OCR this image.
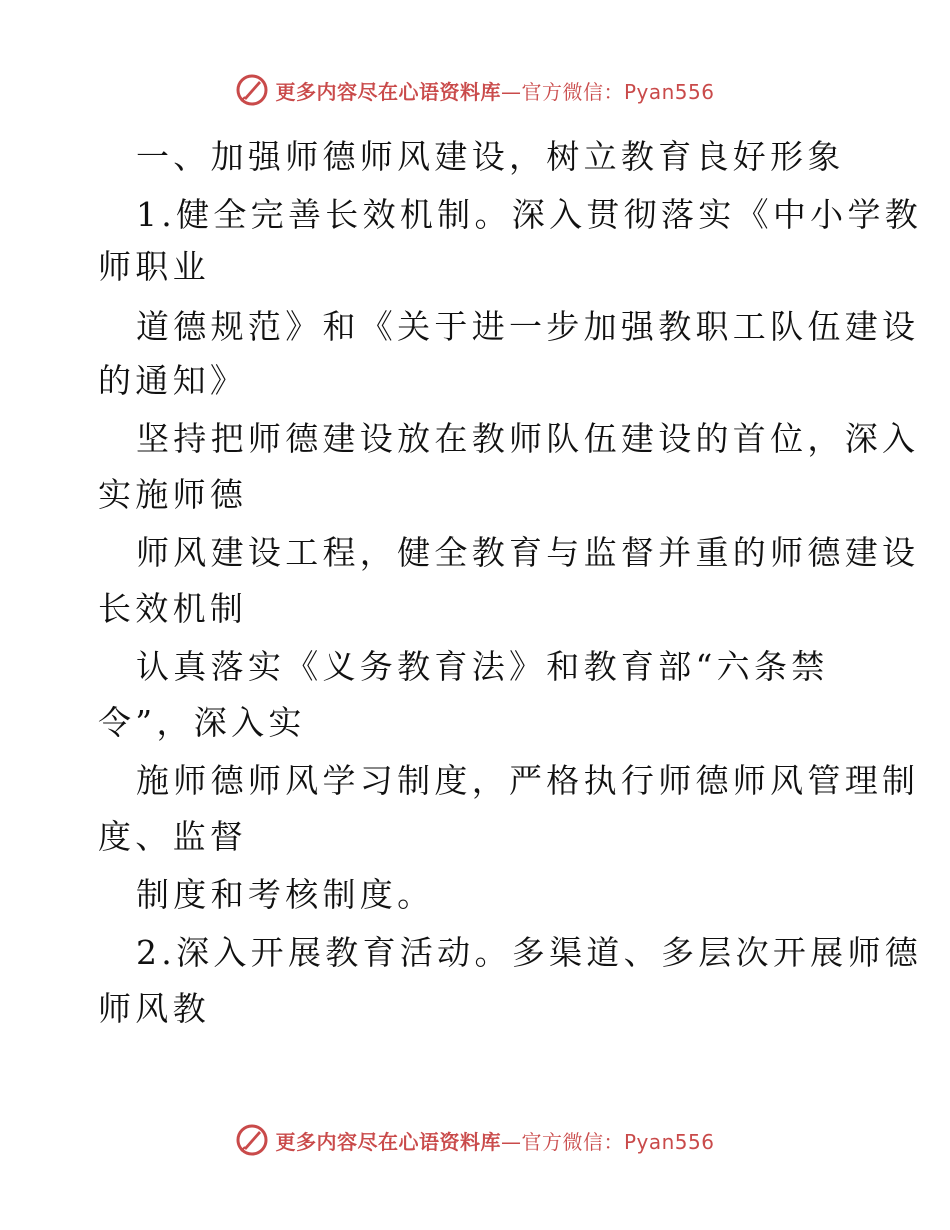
更多内容尽在心语资料库—官方微信：Pyan556
一、加强师德师风建设，树立教育良好形象
1.健全完善长效机制。深入贯彻落实《中小学教
师职业
道德规范》和《关于进一步加强教职工队伍建设
的通知》
坚持把师德建设放在教师队伍建设的首位，深入
实施师德
师风建设工程，健全教育与监督并重的师德建设
长效机制
认真落实《义务教育法》和教育部“六条禁
令”，深入实
施师德师风学习制度，严格执行师德师风管理制
度、监督
制度和考核制度。
2.深入开展教育活动。多渠道、多层次开展师德
师风教
更多内容尽在心语资料库—官方微信：Pyan556
